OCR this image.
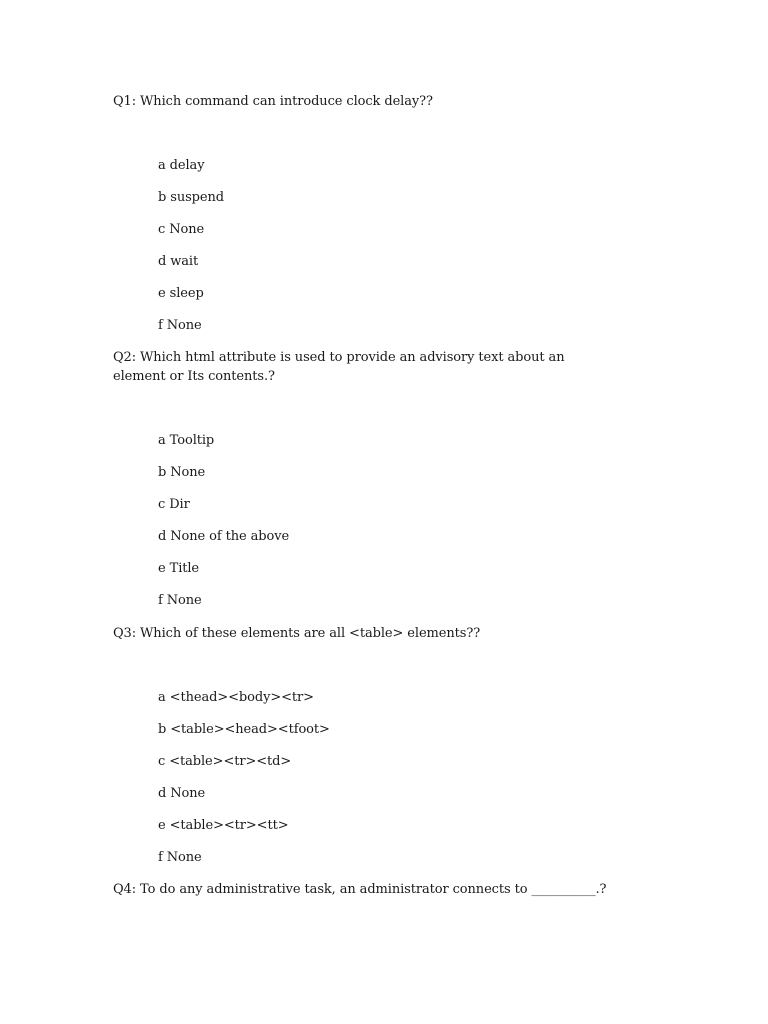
Q1: Which command can introduce clock delay??
a delay
b suspend
c None
d wait
e sleep
f None
Q2: Which html attribute is used to provide an advisory text about an element or Its contents.?
a Tooltip
b None
c Dir
d None of the above
e Title
f None
Q3: Which of these elements are all <table> elements??
a <thead><body><tr>
b <table><head><tfoot>
c <table><tr><td>
d None
e <table><tr><tt>
f None
Q4: To do any administrative task, an administrator connects to __________.?
